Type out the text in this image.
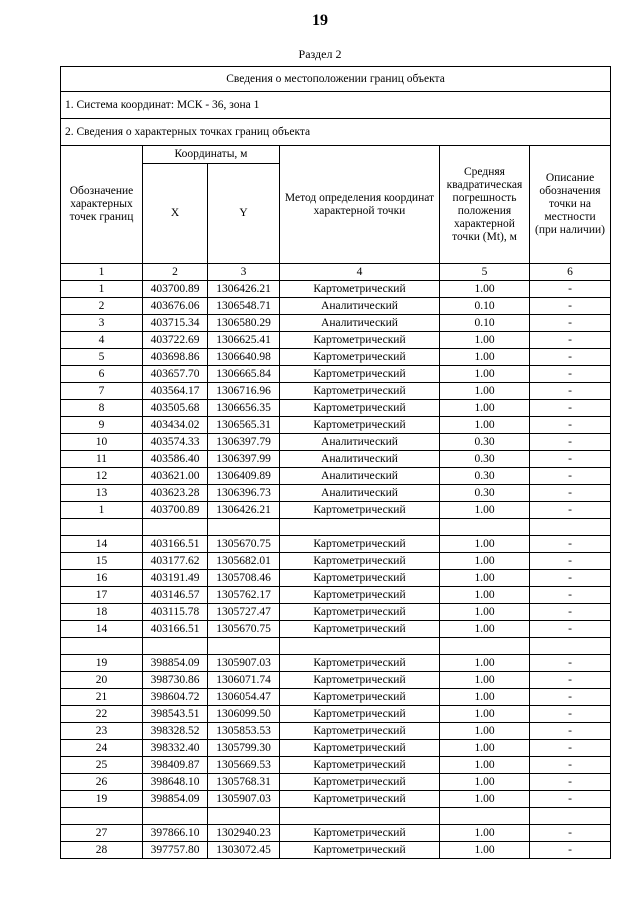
19
Раздел 2
Сведения о местоположении границ объекта					
1. Система координат: МСК - 36, зона 1					
2. Сведения о характерных точках границ объекта					
Обозначение характерных точек границ	Координаты, м		Метод определения координат характерной точки	Средняя квадратическая погрешность положения характерной точки (Mt), м	Описание обозначения точки на местности (при наличии)
	X	Y			
1	2	3	4	5	6
1	403700.89	1306426.21	Картометрический	1.00	-
2	403676.06	1306548.71	Аналитический	0.10	-
3	403715.34	1306580.29	Аналитический	0.10	-
4	403722.69	1306625.41	Картометрический	1.00	-
5	403698.86	1306640.98	Картометрический	1.00	-
6	403657.70	1306665.84	Картометрический	1.00	-
7	403564.17	1306716.96	Картометрический	1.00	-
8	403505.68	1306656.35	Картометрический	1.00	-
9	403434.02	1306565.31	Картометрический	1.00	-
10	403574.33	1306397.79	Аналитический	0.30	-
11	403586.40	1306397.99	Аналитический	0.30	-
12	403621.00	1306409.89	Аналитический	0.30	-
13	403623.28	1306396.73	Аналитический	0.30	-
1	403700.89	1306426.21	Картометрический	1.00	-

14	403166.51	1305670.75	Картометрический	1.00	-
15	403177.62	1305682.01	Картометрический	1.00	-
16	403191.49	1305708.46	Картометрический	1.00	-
17	403146.57	1305762.17	Картометрический	1.00	-
18	403115.78	1305727.47	Картометрический	1.00	-
14	403166.51	1305670.75	Картометрический	1.00	-

19	398854.09	1305907.03	Картометрический	1.00	-
20	398730.86	1306071.74	Картометрический	1.00	-
21	398604.72	1306054.47	Картометрический	1.00	-
22	398543.51	1306099.50	Картометрический	1.00	-
23	398328.52	1305853.53	Картометрический	1.00	-
24	398332.40	1305799.30	Картометрический	1.00	-
25	398409.87	1305669.53	Картометрический	1.00	-
26	398648.10	1305768.31	Картометрический	1.00	-
19	398854.09	1305907.03	Картометрический	1.00	-

27	397866.10	1302940.23	Картометрический	1.00	-
28	397757.80	1303072.45	Картометрический	1.00	-
